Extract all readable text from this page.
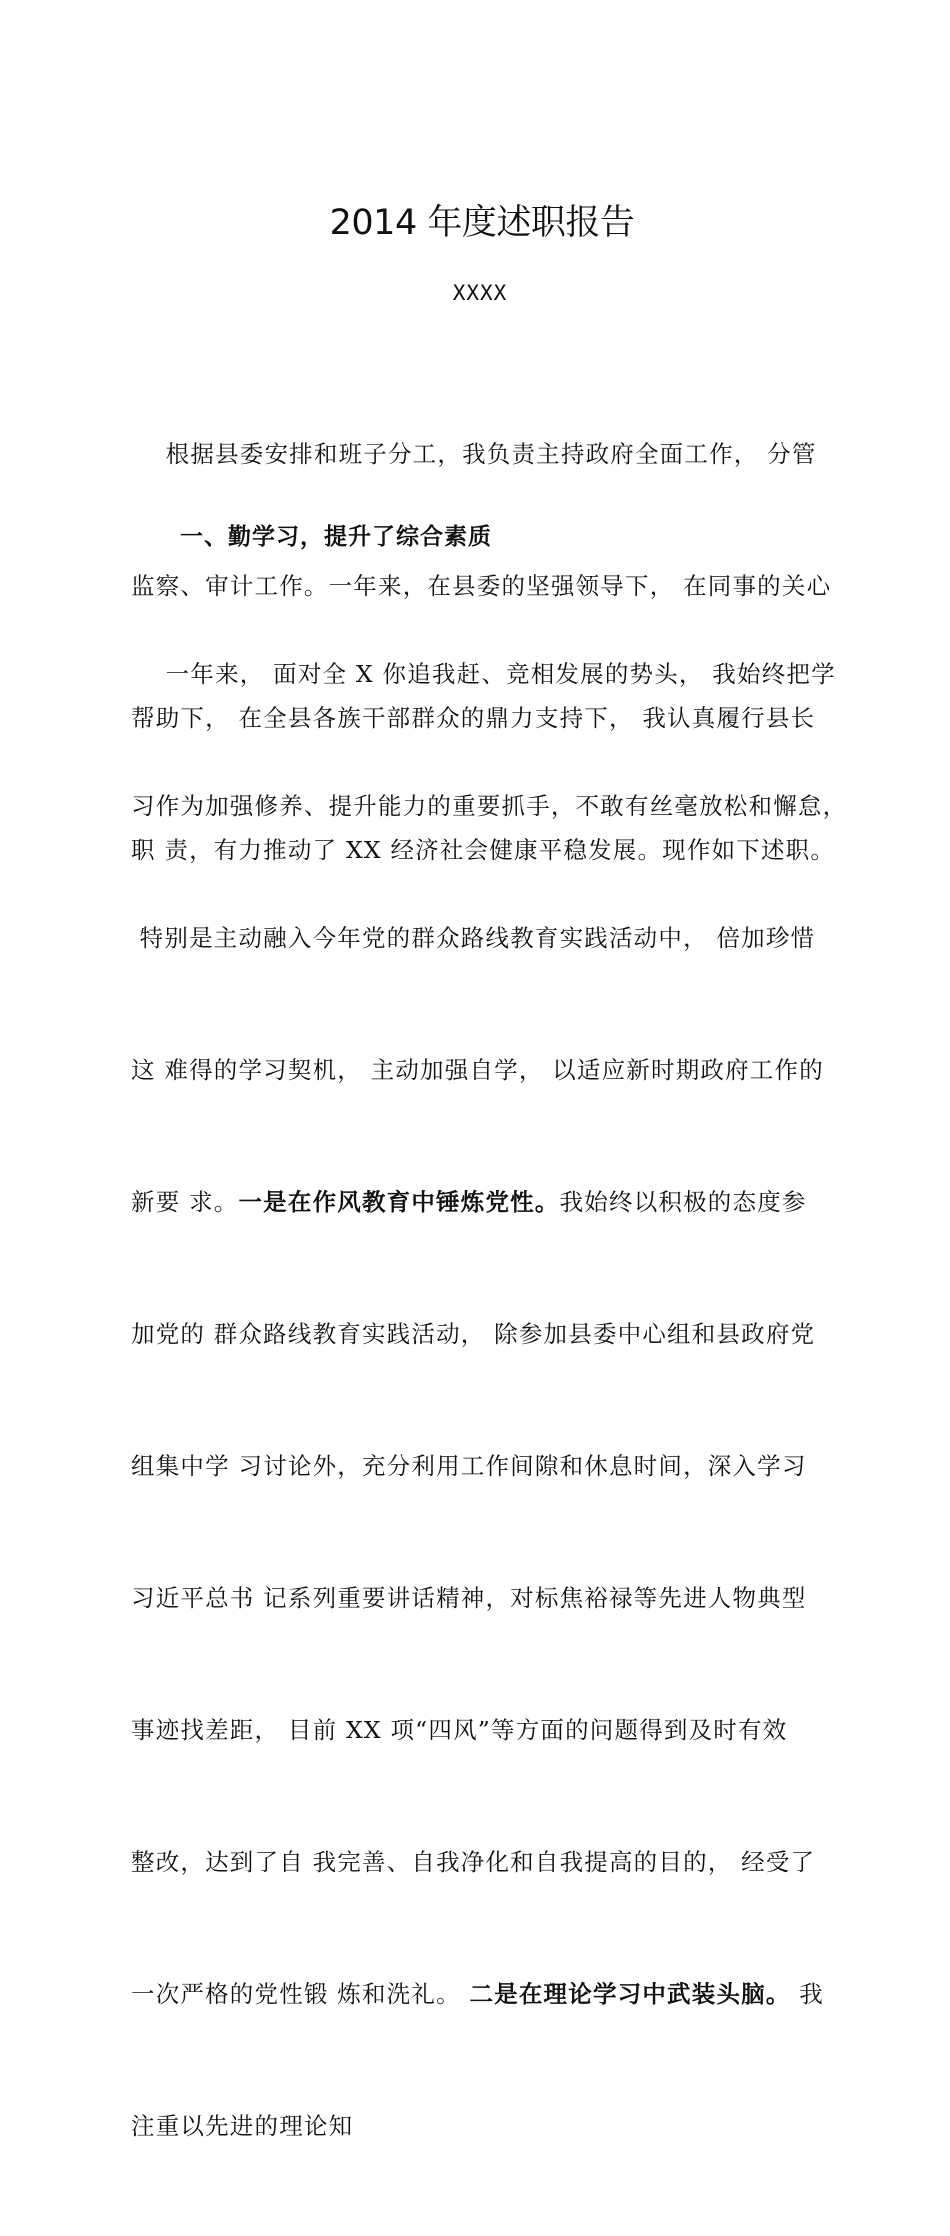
2014 年度述职报告
XXXX

根据县委安排和班子分工，我负责主持政府全面工作， 分管

监察、审计工作。一年来，在县委的坚强领导下， 在同事的关心

帮助下， 在全县各族干部群众的鼎力支持下， 我认真履行县长

职 责，有力推动了 XX 经济社会健康平稳发展。现作如下述职。

一、勤学习，提升了综合素质

一年来， 面对全 X 你追我赶、竞相发展的势头， 我始终把学

习作为加强修养、提升能力的重要抓手，不敢有丝毫放松和懈怠，

特别是主动融入今年党的群众路线教育实践活动中， 倍加珍惜

这 难得的学习契机， 主动加强自学， 以适应新时期政府工作的

新要 求。一是在作风教育中锤炼党性。我始终以积极的态度参

加党的 群众路线教育实践活动， 除参加县委中心组和县政府党

组集中学 习讨论外，充分利用工作间隙和休息时间，深入学习

习近平总书 记系列重要讲话精神，对标焦裕禄等先进人物典型

事迹找差距， 目前 XX 项“四风”等方面的问题得到及时有效

整改，达到了自 我完善、自我净化和自我提高的目的， 经受了

一次严格的党性锻 炼和洗礼。 二是在理论学习中武装头脑。 我

注重以先进的理论知
